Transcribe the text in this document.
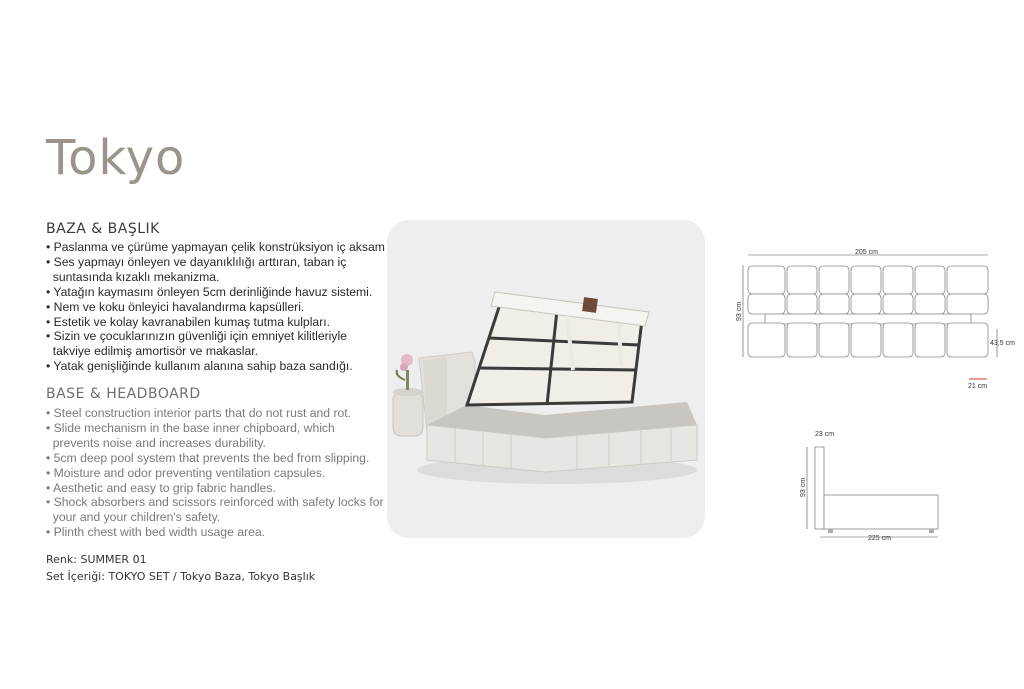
Tokyo
BAZA & BAŞLIK
• Paslanma ve çürüme yapmayan çelik konstrüksiyon iç aksam
• Ses yapmayı önleyen ve dayanıklılığı arttıran, taban iç
suntasında kızaklı mekanizma.
• Yatağın kaymasını önleyen 5cm derinliğinde havuz sistemi.
• Nem ve koku önleyici havalandırma kapsülleri.
• Estetik ve kolay kavranabilen kumaş tutma kulpları.
• Sizin ve çocuklarınızın güvenliği için emniyet kilitleriyle
takviye edilmiş amortisör ve makaslar.
• Yatak genişliğinde kullanım alanına sahip baza sandığı.
BASE & HEADBOARD
• Steel construction interior parts that do not rust and rot.
• Slide mechanism in the base inner chipboard, which
prevents noise and increases durability.
• 5cm deep pool system that prevents the bed from slipping.
• Moisture and odor preventing ventilation capsules.
• Aesthetic and easy to grip fabric handles.
• Shock absorbers and scissors reinforced with safety locks for
your and your children's safety.
• Plinth chest with bed width usage area.
Renk: SUMMER 01
Set İçeriği: TOKYO SET / Tokyo Baza, Tokyo Başlık
205 cm
93 cm
43,5 cm
21 cm
23 cm
93 cm
225 cm
